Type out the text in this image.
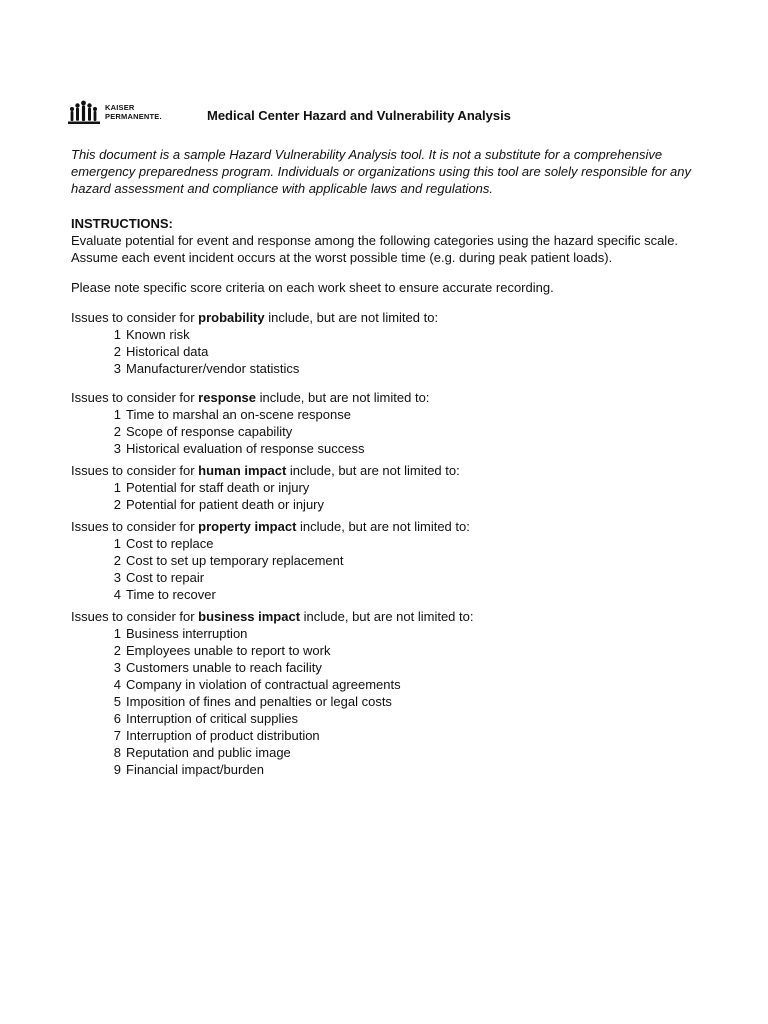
KAISER
PERMANENTE.	Medical Center Hazard and Vulnerability Analysis

This document is a sample Hazard Vulnerability Analysis tool. It is not a substitute for a comprehensive emergency preparedness program. Individuals or organizations using this tool are solely responsible for any hazard assessment and compliance with applicable laws and regulations.

INSTRUCTIONS:

Evaluate potential for event and response among the following categories using the hazard specific scale. Assume each event incident occurs at the worst possible time (e.g. during peak patient loads).

Please note specific score criteria on each work sheet to ensure accurate recording.

Issues to consider for probability include, but are not limited to:

1 Known risk
2 Historical data
3 Manufacturer/vendor statistics

Issues to consider for response include, but are not limited to:

1 Time to marshal an on-scene response
2 Scope of response capability
3 Historical evaluation of response success

Issues to consider for human impact include, but are not limited to:

1 Potential for staff death or injury
2 Potential for patient death or injury

Issues to consider for property impact include, but are not limited to:

1 Cost to replace
2 Cost to set up temporary replacement
3 Cost to repair
4 Time to recover

Issues to consider for business impact include, but are not limited to:

1 Business interruption
2 Employees unable to report to work
3 Customers unable to reach facility
4 Company in violation of contractual agreements
5 Imposition of fines and penalties or legal costs
6 Interruption of critical supplies
7 Interruption of product distribution
8 Reputation and public image
9 Financial impact/burden
